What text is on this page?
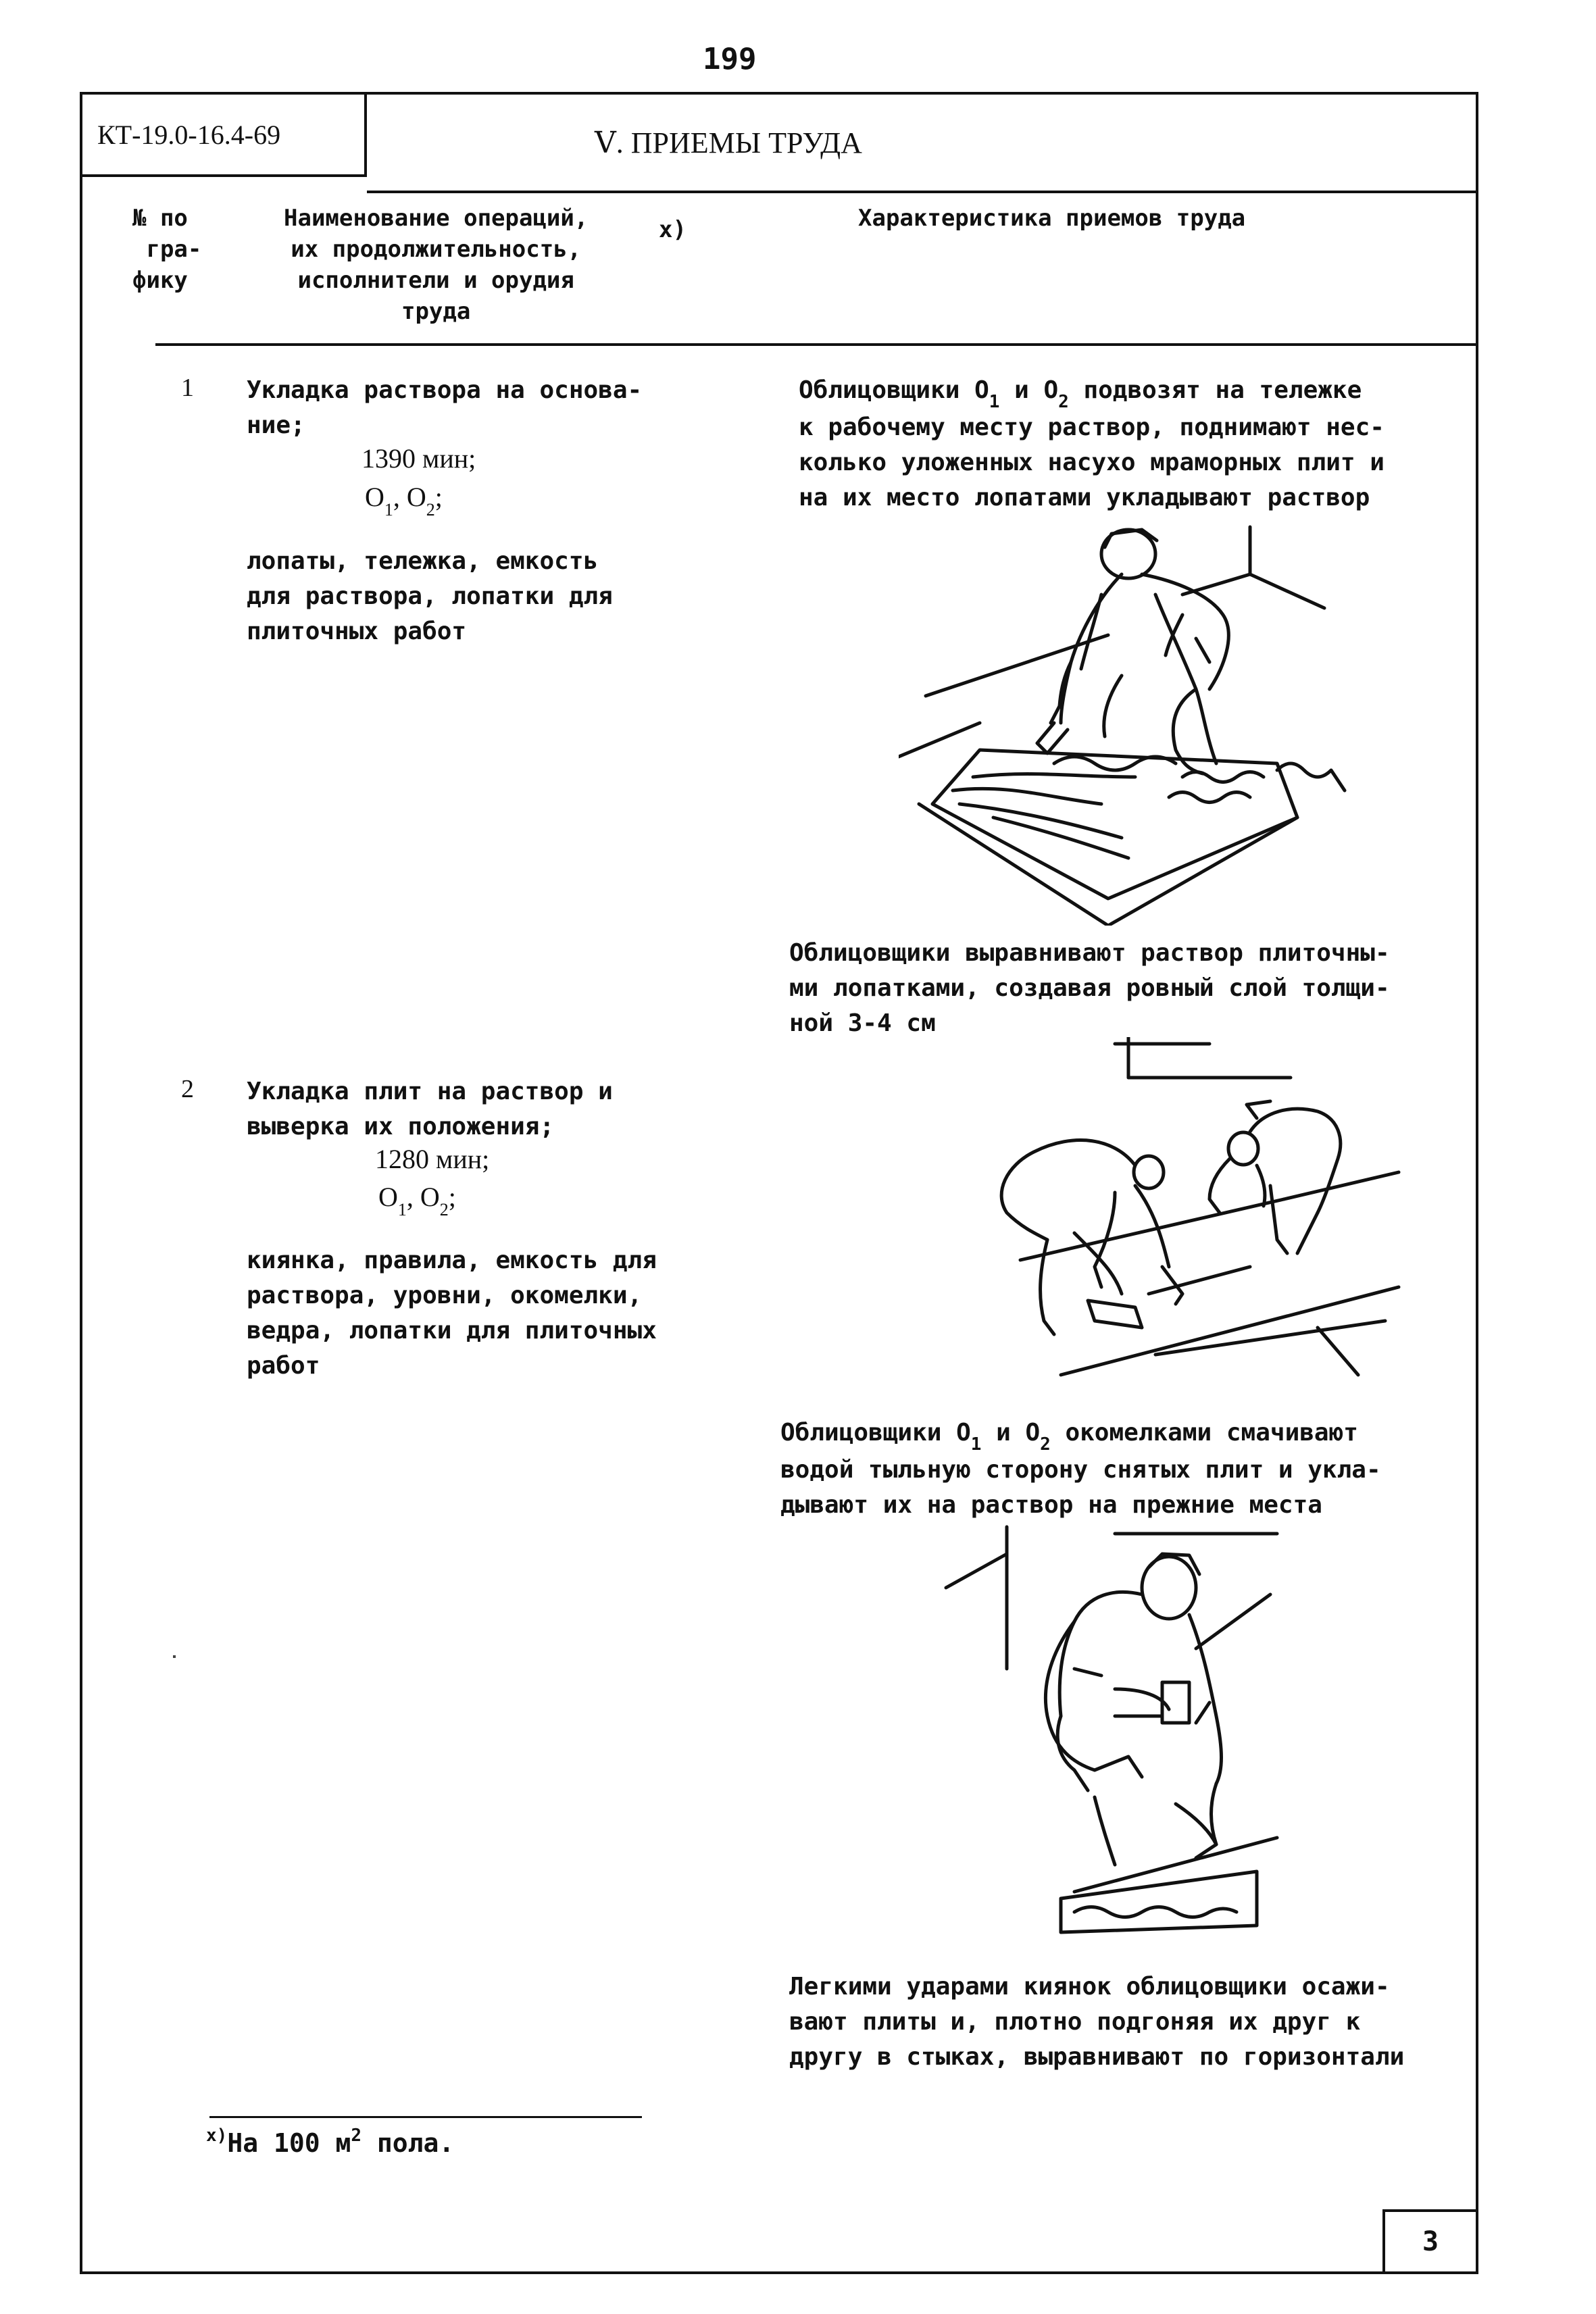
199
КТ-19.0-16.4-69	Ⅴ. ПРИЕМЫ ТРУДА
№ по
гра-
фику
Наименование операций,
их продолжительность,
исполнители и орудия
труда
х)	Характеристика приемов труда
1 Укладка раствора на основа-
ние;
1390 мин;
$О_1$, $О_2$;
лопаты, тележка, емкость
для раствора, лопатки для
плиточных работ
2 Укладка плит на раствор и
выверка их положения;
1280 мин;
$О_1$, $О_2$;
киянка, правила, емкость для
раствора, уровни, окомелки,
ведра, лопатки для плиточных
работ
Облицовщики $О_1$ и $О_2$ подвозят на тележке
к рабочему месту раствор, поднимают нес-
колько уложенных насухо мраморных плит и
на их место лопатами укладывают раствор
Облицовщики выравнивают раствор плиточны-
ми лопатками, создавая ровный слой толщи-
ной 3-4 см
Облицовщики $О_1$ и $О_2$ окомелками смачивают
водой тыльную сторону снятых плит и укла-
дывают их на раствор на прежние места
Легкими ударами киянок облицовщики осажи-
вают плиты и, плотно подгоняя их друг к
другу в стыках, выравнивают по горизонтали
$^{х)}$На 100 $м^2$ пола.
3
